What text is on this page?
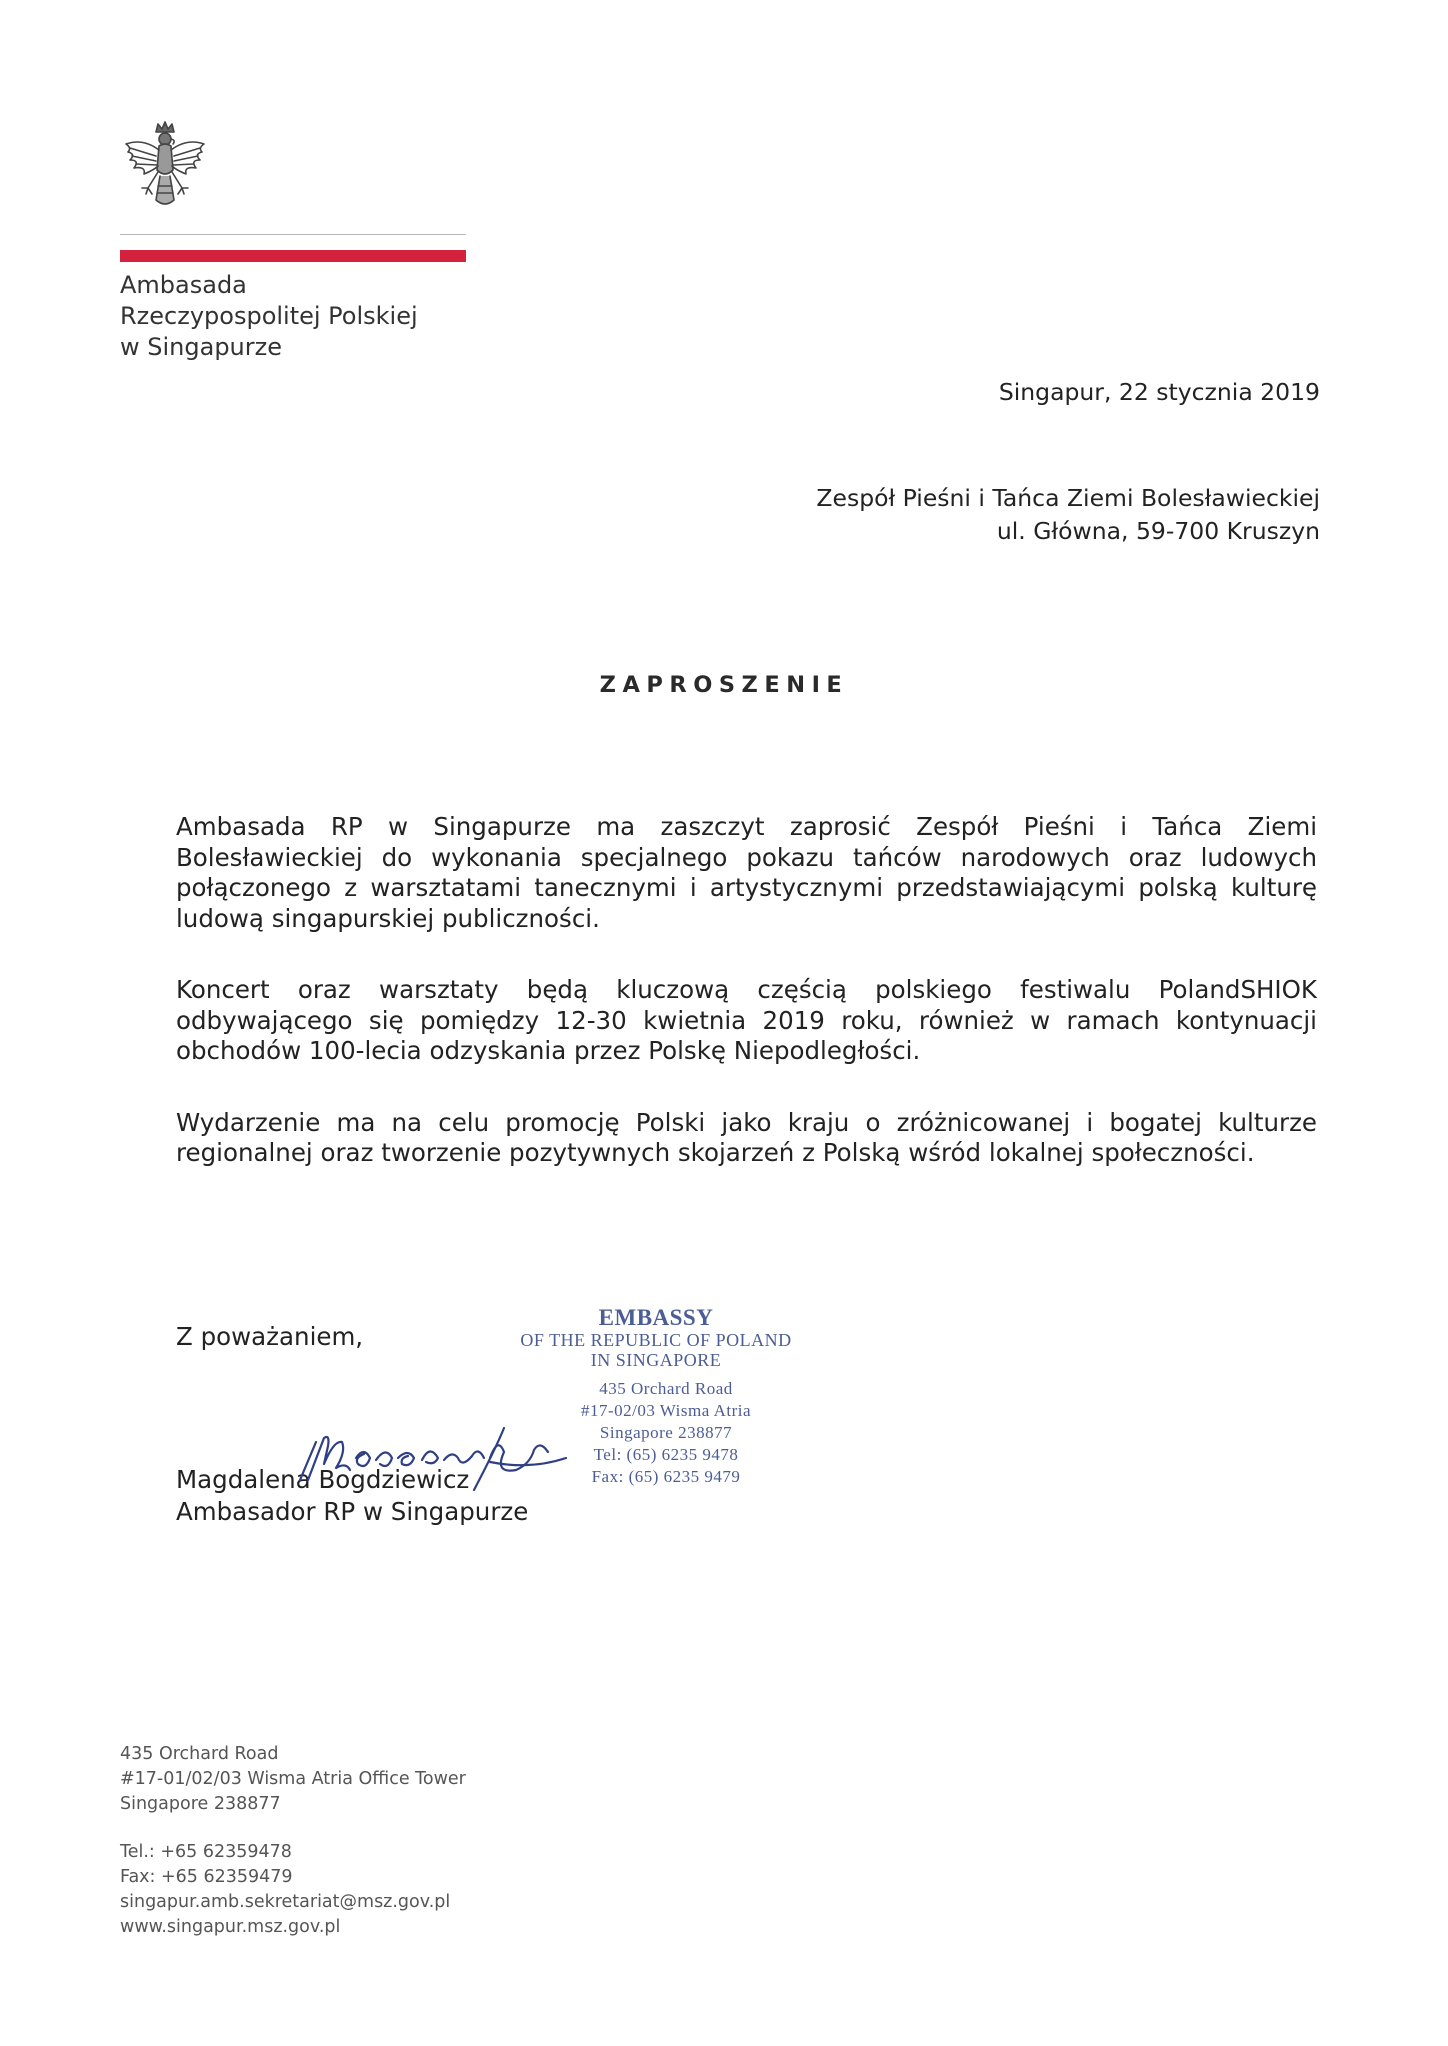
Ambasada
Rzeczypospolitej Polskiej
w Singapurze
Singapur, 22 stycznia 2019
Zespół Pieśni i Tańca Ziemi Bolesławieckiej
ul. Główna, 59-700 Kruszyn
ZAPROSZENIE

Ambasada RP w Singapurze ma zaszczyt zaprosić Zespół Pieśni i Tańca Ziemi Bolesławieckiej do wykonania specjalnego pokazu tańców narodowych oraz ludowych połączonego z warsztatami tanecznymi i artystycznymi przedstawiającymi polską kulturę ludową singapurskiej publiczności.

Koncert oraz warsztaty będą kluczową częścią polskiego festiwalu PolandSHIOK odbywającego się pomiędzy 12-30 kwietnia 2019 roku, również w ramach kontynuacji obchodów 100-lecia odzyskania przez Polskę Niepodległości.

Wydarzenie ma na celu promocję Polski jako kraju o zróżnicowanej i bogatej kulturze regionalnej oraz tworzenie pozytywnych skojarzeń z Polską wśród lokalnej społeczności.

Z poważaniem,
EMBASSY
OF THE REPUBLIC OF POLAND
IN SINGAPORE
435 Orchard Road
#17-02/03 Wisma Atria
Singapore 238877
Tel: (65) 6235 9478
Fax: (65) 6235 9479
Magdalena Bogdziewicz
Ambasador RP w Singapurze
435 Orchard Road
#17-01/02/03 Wisma Atria Office Tower
Singapore 238877
Tel.: +65 62359478
Fax: +65 62359479
singapur.amb.sekretariat@msz.gov.pl
www.singapur.msz.gov.pl
